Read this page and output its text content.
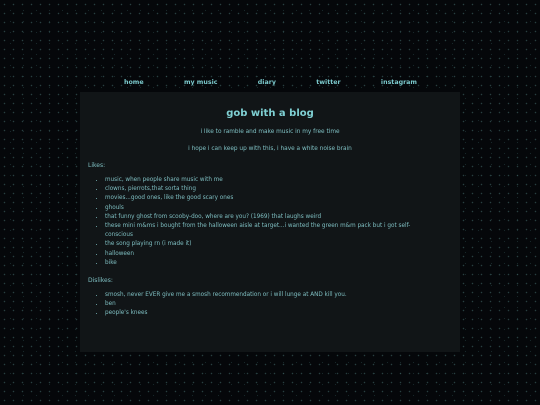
home	my music	diary	twitter	instagram
gob with a blog

i like to ramble and make music in my free time

i hope i can keep up with this, i have a white noise brain

Likes:

• music, when people share music with me
• clowns, pierrots,that sorta thing
• movies...good ones, like the good scary ones
• ghouls
• that funny ghost from scooby-doo, where are you? (1969) that laughs weird
• these mini m&ms i bought from the halloween aisle at target...i wanted the green m&m pack but i got self-conscious
• the song playing rn (i made it)
• halloween
• bike

Dislikes:

• smosh, never EVER give me a smosh recommendation or i will lunge at AND kill you.
• ben
• people's knees
